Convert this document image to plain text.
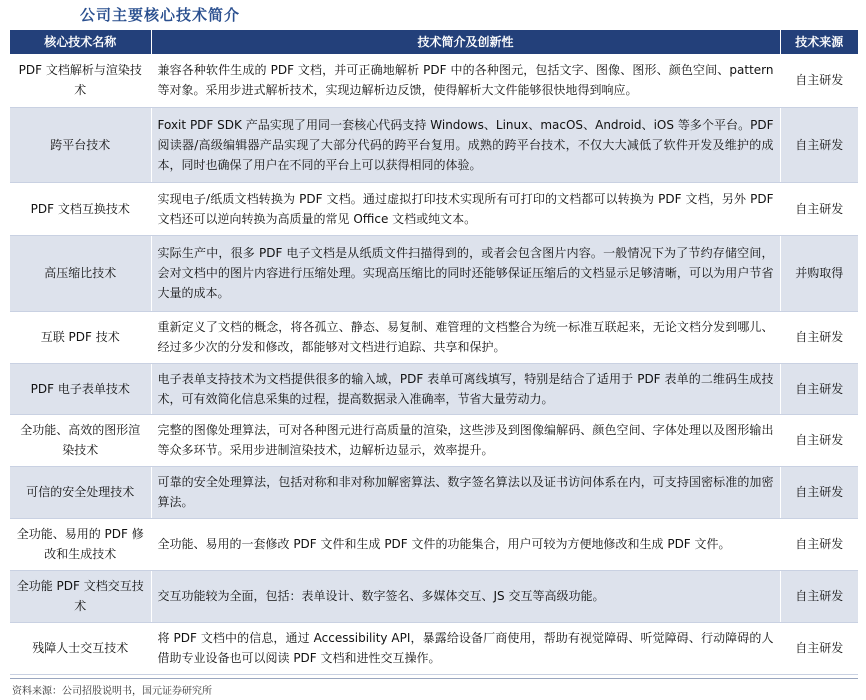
公司主要核心技术简介
核心技术名称	技术简介及创新性	技术来源
PDF 文档解析与渲染技术	兼容各种软件生成的 PDF 文档，并可正确地解析 PDF 中的各种图元，包括文字、图像、图形、颜色空间、pattern 等对象。采用步进式解析技术，实现边解析边反馈，使得解析大文件能够很快地得到响应。	自主研发
跨平台技术	Foxit PDF SDK 产品实现了用同一套核心代码支持 Windows、Linux、macOS、Android、iOS 等多个平台。PDF 阅读器/高级编辑器产品实现了大部分代码的跨平台复用。成熟的跨平台技术，不仅大大减低了软件开发及维护的成本，同时也确保了用户在不同的平台上可以获得相同的体验。	自主研发
PDF 文档互换技术	实现电子/纸质文档转换为 PDF 文档。通过虚拟打印技术实现所有可打印的文档都可以转换为 PDF 文档，另外 PDF 文档还可以逆向转换为高质量的常见 Office 文档或纯文本。	自主研发
高压缩比技术	实际生产中，很多 PDF 电子文档是从纸质文件扫描得到的，或者会包含图片内容。一般情况下为了节约存储空间，会对文档中的图片内容进行压缩处理。实现高压缩比的同时还能够保证压缩后的文档显示足够清晰，可以为用户节省大量的成本。	并购取得
互联 PDF 技术	重新定义了文档的概念，将各孤立、静态、易复制、难管理的文档整合为统一标准互联起来，无论文档分发到哪儿、经过多少次的分发和修改，都能够对文档进行追踪、共享和保护。	自主研发
PDF 电子表单技术	电子表单支持技术为文档提供很多的输入域，PDF 表单可离线填写，特别是结合了适用于 PDF 表单的二维码生成技术，可有效简化信息采集的过程，提高数据录入准确率，节省大量劳动力。	自主研发
全功能、高效的图形渲染技术	完整的图像处理算法，可对各种图元进行高质量的渲染，这些涉及到图像编解码、颜色空间、字体处理以及图形输出等众多环节。采用步进制渲染技术，边解析边显示，效率提升。	自主研发
可信的安全处理技术	可靠的安全处理算法，包括对称和非对称加解密算法、数字签名算法以及证书访问体系在内，可支持国密标准的加密算法。	自主研发
全功能、易用的 PDF 修改和生成技术	全功能、易用的一套修改 PDF 文件和生成 PDF 文件的功能集合，用户可较为方便地修改和生成 PDF 文件。	自主研发
全功能 PDF 文档交互技术	交互功能较为全面，包括：表单设计、数字签名、多媒体交互、JS 交互等高级功能。	自主研发
残障人士交互技术	将 PDF 文档中的信息，通过 Accessibility API，暴露给设备厂商使用，帮助有视觉障碍、听觉障碍、行动障碍的人借助专业设备也可以阅读 PDF 文档和进性交互操作。	自主研发
资料来源：公司招股说明书，国元证券研究所
